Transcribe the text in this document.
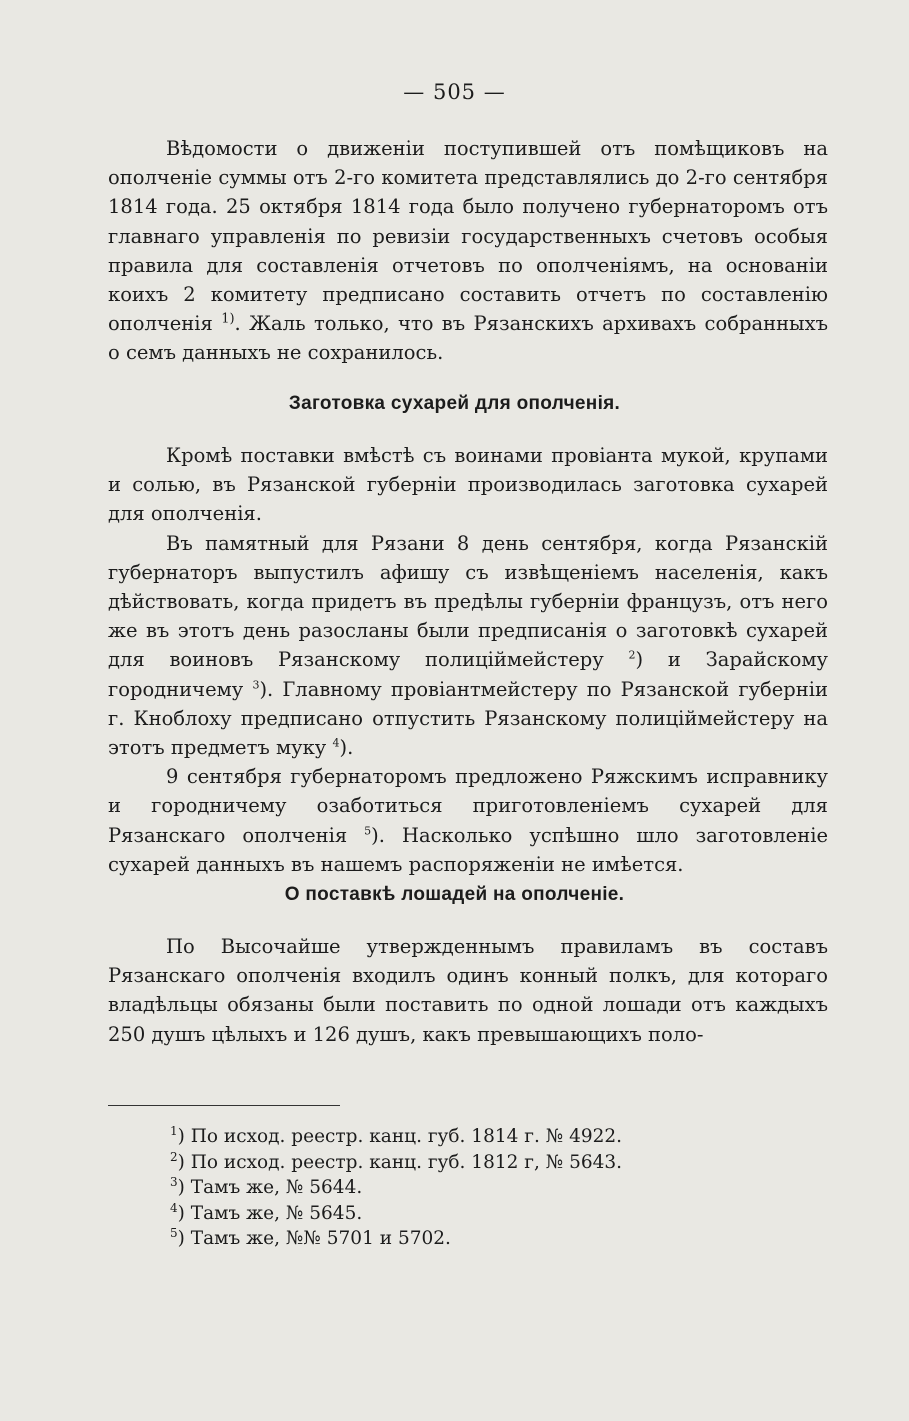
— 505 —

Вѣдомости о движенiи поступившей отъ помѣщиковъ на ополченiе суммы отъ 2-го комитета представлялись до 2-го сентября 1814 года. 25 октября 1814 года было получено губернаторомъ отъ главнаго управленiя по ревизiи государственныхъ счетовъ особыя правила для составленiя отчетовъ по ополченiямъ, на основанiи коихъ 2 комитету предписано составить отчетъ по составленiю ополченiя $^{1)}$. Жаль только, что въ Рязанскихъ архивахъ собранныхъ о семъ данныхъ не сохранилось.

Заготовка сухарей для ополченiя.

Кромѣ поставки вмѣстѣ съ воинами провiанта мукой, крупами и солью, въ Рязанской губернiи производилась заготовка сухарей для ополченiя.

Въ памятный для Рязани 8 день сентября, когда Рязанскiй губернаторъ выпустилъ афишу съ извѣщенiемъ населенiя, какъ дѣйствовать, когда придетъ въ предѣлы губернiи французъ, отъ него же въ этотъ день разосланы были предписанiя о заготовкѣ сухарей для воиновъ Рязанскому полицiймейстеру $^2$) и Зарайскому городничему $^3$). Главному провiантмейстеру по Рязанской губернiи г. Кноблоху предписано отпустить Рязанскому полицiймейстеру на этотъ предметъ муку $^4$).

9 сентября губернаторомъ предложено Ряжскимъ исправнику и городничему озаботиться приготовленiемъ сухарей для Рязанскаго ополченiя $^5$). Насколько успѣшно шло заготовленiе сухарей данныхъ въ нашемъ распоряженiи не имѣется.

О поставкѣ лошадей на ополченiе.

По Высочайше утвержденнымъ правиламъ въ составъ Рязанскаго ополченiя входилъ одинъ конный полкъ, для котораго владѣльцы обязаны были поставить по одной лошади отъ каждыхъ 250 душъ цѣлыхъ и 126 душъ, какъ превышающихъ поло-

$^1$) По исход. реестр. канц. губ. 1814 г. № 4922.
$^2$) По исход. реестр. канц. губ. 1812 г, № 5643.
$^3$) Тамъ же, № 5644.
$^4$) Тамъ же, № 5645.
$^5$) Тамъ же, №№ 5701 и 5702.
